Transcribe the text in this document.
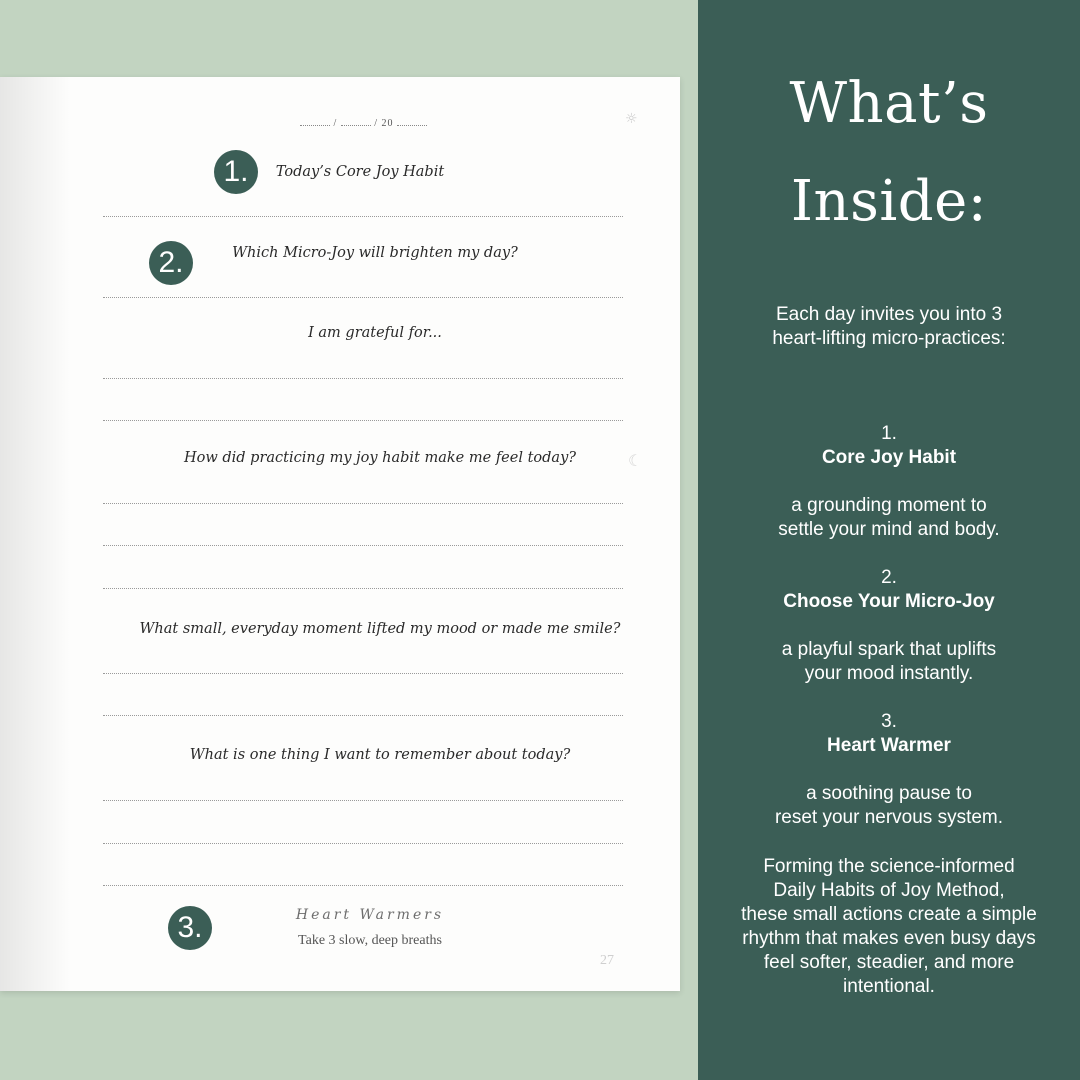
/	/ 20	☼
☾
1.	Today’s Core Joy Habit
2.	Which Micro-Joy will brighten my day?
I am grateful for...
How did practicing my joy habit make me feel today?
What small, everyday moment lifted my mood or made me smile?
What is one thing I want to remember about today?
3.	Heart Warmers
Take 3 slow, deep breaths
27
What’s
Inside:
Each day invites you into 3
heart-lifting micro-practices:

1.

Core Joy Habit

a grounding moment to
settle your mind and body.

2.

Choose Your Micro-Joy

a playful spark that uplifts
your mood instantly.

3.

Heart Warmer

a soothing pause to
reset your nervous system.

Forming the science-informed
Daily Habits of Joy Method,
these small actions create a simple
rhythm that makes even busy days
feel softer, steadier, and more
intentional.
